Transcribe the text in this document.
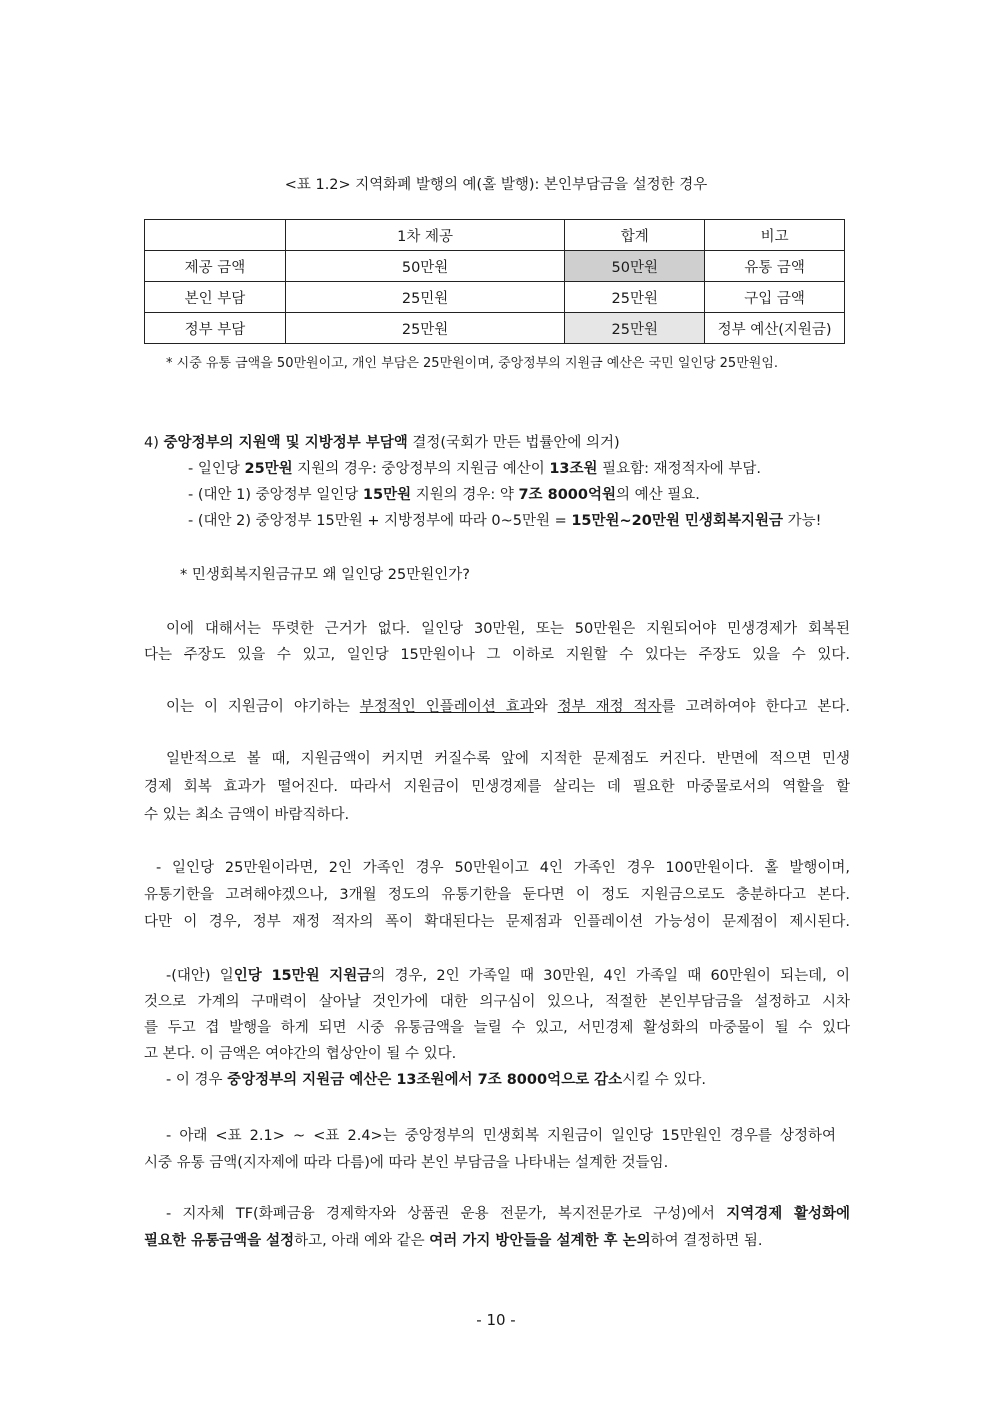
<표 1.2> 지역화폐 발행의 예(홀 발행): 본인부담금을 설정한 경우
	1차 제공	합계	비고
제공 금액	50만원	50만원	유통 금액
본인 부담	25민원	25만원	구입 금액
정부 부담	25만원	25만원	정부 예산(지원금)
* 시중 유통 금액을 50만원이고, 개인 부담은 25만원이며, 중앙정부의 지원금 예산은 국민 일인당 25만원임.
4) 중앙정부의 지원액 및 지방정부 부담액 결정(국회가 만든 법률안에 의거)
- 일인당 25만원 지원의 경우: 중앙정부의 지원금 예산이 13조원 필요함: 재정적자에 부담.
- (대안 1) 중앙정부 일인당 15만원 지원의 경우: 약 7조 8000억원의 예산 필요.
- (대안 2) 중앙정부 15만원 + 지방정부에 따라 0~5만원 = 15만원~20만원 민생회복지원금 가능!
* 민생회복지원금규모 왜 일인당 25만원인가?
이에 대해서는 뚜렷한 근거가 없다. 일인당 30만원, 또는 50만원은 지원되어야 민생경제가 회복된
다는 주장도 있을 수 있고, 일인당 15만원이나 그 이하로 지원할 수 있다는 주장도 있을 수 있다.
이는 이 지원금이 야기하는 부정적인 인플레이션 효과와 정부 재정 적자를 고려하여야 한다고 본다.
일반적으로 볼 때, 지원금액이 커지면 커질수록 앞에 지적한 문제점도 커진다. 반면에 적으면 민생
경제 회복 효과가 떨어진다. 따라서 지원금이 민생경제를 살리는 데 필요한 마중물로서의 역할을 할
수 있는 최소 금액이 바람직하다.
- 일인당 25만원이라면, 2인 가족인 경우 50만원이고 4인 가족인 경우 100만원이다. 홀 발행이며,
유통기한을 고려해야겠으나, 3개월 정도의 유통기한을 둔다면 이 정도 지원금으로도 충분하다고 본다.
다만 이 경우, 정부 재정 적자의 폭이 확대된다는 문제점과 인플레이션 가능성이 문제점이 제시된다.
-(대안) 일인당 15만원 지원금의 경우, 2인 가족일 때 30만원, 4인 가족일 때 60만원이 되는데, 이
것으로 가계의 구매력이 살아날 것인가에 대한 의구심이 있으나, 적절한 본인부담금을 설정하고 시차
를 두고 겹 발행을 하게 되면 시중 유통금액을 늘릴 수 있고, 서민경제 활성화의 마중물이 될 수 있다
고 본다. 이 금액은 여야간의 협상안이 될 수 있다.
- 이 경우 중앙정부의 지원금 예산은 13조원에서 7조 8000억으로 감소시킬 수 있다.
- 아래 <표 2.1> ~ <표 2.4>는 중앙정부의 민생회복 지원금이 일인당 15만원인 경우를 상정하여
시중 유통 금액(지자제에 따라 다름)에 따라 본인 부담금을 나타내는 설계한 것들임.
- 지자체 TF(화폐금융 경제학자와 상품권 운용 전문가, 복지전문가로 구성)에서 지역경제 활성화에
필요한 유통금액을 설정하고, 아래 예와 같은 여러 가지 방안들을 설계한 후 논의하여 결정하면 됨.
- 10 -
